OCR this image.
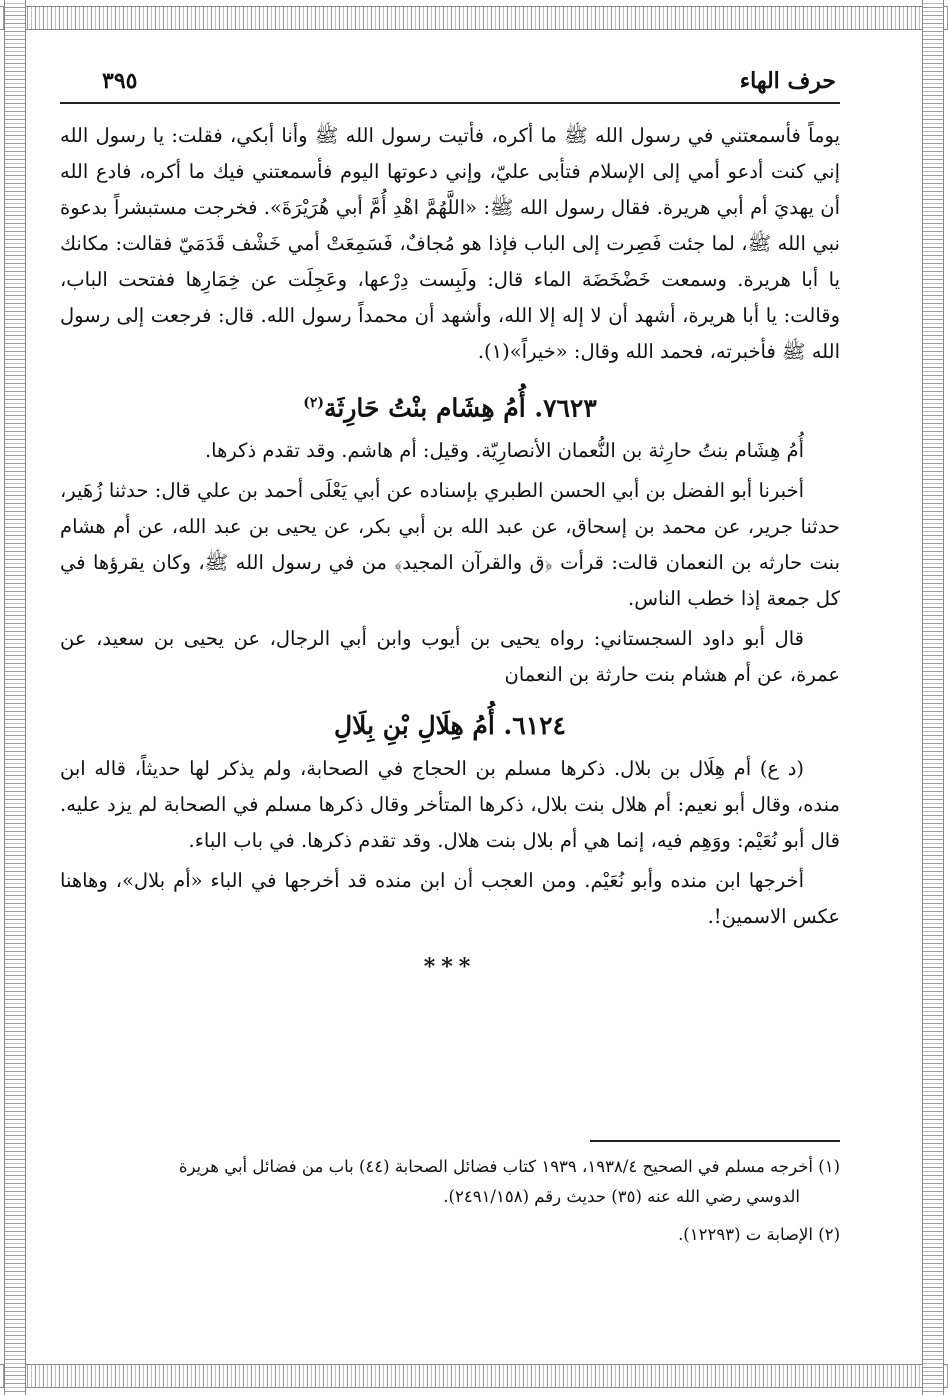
٣٩٥	حرف الهاء

يوماً فأسمعتني في رسول الله ﷺ ما أكره، فأتيت رسول الله ﷺ وأنا أبكي، فقلت: يا رسول الله إني كنت أدعو أمي إلى الإسلام فتأبى عليّ، وإني دعوتها اليوم فأسمعتني فيك ما أكره، فادع الله أن يهديَ أم أبي هريرة. فقال رسول الله ﷺ: «اللَّهُمَّ اهْدِ أُمَّ أبي هُرَيْرَةَ». فخرجت مستبشراً بدعوة نبي الله ﷺ، لما جئت فَصِرت إلى الباب فإذا هو مُجافٌ، فَسَمِعَتْ أمي خَشْف قَدَمَيّ فقالت: مكانك يا أبا هريرة. وسمعت خَضْخَضَة الماء قال: ولَبِست دِرْعها، وعَجِلَت عن خِمَارِها ففتحت الباب، وقالت: يا أبا هريرة، أشهد أن لا إله إلا الله، وأشهد أن محمداً رسول الله. قال: فرجعت إلى رسول الله ﷺ فأخبرته، فحمد الله وقال: «خيراً»(١).

٧٦٢٣. أُمُ هِشَام بنْتُ حَارِثَة$^{(٢)}$

أُمُ هِشَام بنتُ حارِثة بن النُّعمان الأنصارِيّة. وقيل: أم هاشم. وقد تقدم ذكرها.

أخبرنا أبو الفضل بن أبي الحسن الطبري بإسناده عن أبي يَعْلَى أحمد بن علي قال: حدثنا زُهَير، حدثنا جرير، عن محمد بن إسحاق، عن عبد الله بن أبي بكر، عن يحيى بن عبد الله، عن أم هشام بنت حارثه بن النعمان قالت: قرأت ﴿ق والقرآن المجيد﴾ من في رسول الله ﷺ، وكان يقرؤها في كل جمعة إذا خطب الناس.

قال أبو داود السجستاني: رواه يحيى بن أيوب وابن أبي الرجال، عن يحيى بن سعيد، عن عمرة، عن أم هشام بنت حارثة بن النعمان

٦١٢٤. أُمُ هِلَالِ بْنِ بِلَالِ

(د ع) أم هِلَال بن بلال. ذكرها مسلم بن الحجاج في الصحابة، ولم يذكر لها حديثاً، قاله ابن منده، وقال أبو نعيم: أم هلال بنت بلال، ذكرها المتأخر وقال ذكرها مسلم في الصحابة لم يزد عليه. قال أبو نُعَيْم: ووَهِم فيه، إنما هي أم بلال بنت هلال. وقد تقدم ذكرها. في باب الباء.

أخرجها ابن منده وأبو نُعَيْم. ومن العجب أن ابن منده قد أخرجها في الباء «أم بلال»، وهاهنا عكس الاسمين!.

***

(١) أخرجه مسلم في الصحيح ١٩٣٨/٤، ١٩٣٩ كتاب فضائل الصحابة (٤٤) باب من فضائل أبي هريرة

الدوسي رضي الله عنه (٣٥) حديث رقم (٢٤٩١/١٥٨).

(٢) الإصابة ت (١٢٢٩٣).
